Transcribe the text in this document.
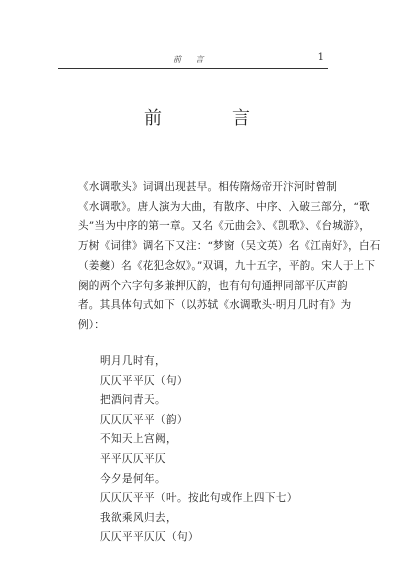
前 言	1
前　言
《水调歌头》词调出现甚早。相传隋炀帝开汴河时曾制
《水调歌》。唐人演为大曲，有散序、中序、入破三部分，“歌
头”当为中序的第一章。又名《元曲会》、《凯歌》、《台城游》，
万树《词律》调名下又注：“梦窗（吴文英）名《江南好》，白石
（姜夔）名《花犯念奴》。”双调，九十五字，平韵。宋人于上下
阕的两个六字句多兼押仄韵，也有句句通押同部平仄声韵
者。其具体句式如下（以苏轼《水调歌头·明月几时有》为
例）：
明月几时有，
仄仄平平仄（句）
把酒问青天。
仄仄仄平平（韵）
不知天上宫阙，
平平仄仄平仄
今夕是何年。
仄仄仄平平（叶。按此句或作上四下七）
我欲乘风归去，
仄仄平平仄仄（句）
